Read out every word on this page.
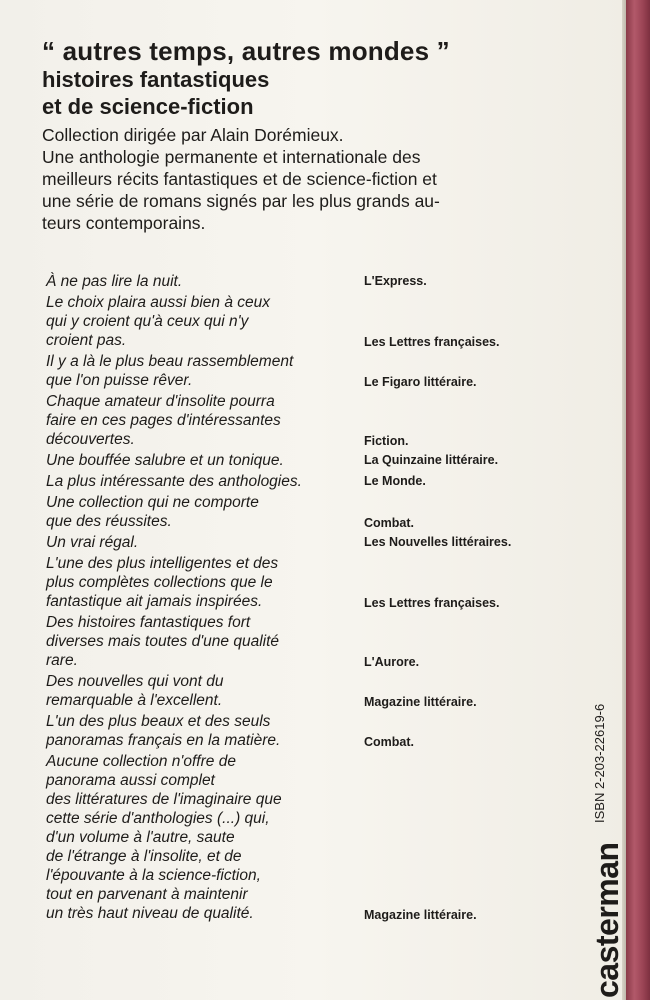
“ autres temps, autres mondes ”
histoires fantastiques
et de science-fiction

Collection dirigée par Alain Dorémieux.
Une anthologie permanente et internationale des
meilleurs récits fantastiques et de science-fiction et
une série de romans signés par les plus grands au-
teurs contemporains.

À ne pas lire la nuit.	L'Express.
Le choix plaira aussi bien à ceux
qui y croient qu'à ceux qui n'y
croient pas.	Les Lettres françaises.
Il y a là le plus beau rassemblement
que l'on puisse rêver.	Le Figaro littéraire.
Chaque amateur d'insolite pourra
faire en ces pages d'intéressantes
découvertes.	Fiction.
Une bouffée salubre et un tonique.	La Quinzaine littéraire.
La plus intéressante des anthologies.	Le Monde.
Une collection qui ne comporte
que des réussites.	Combat.
Un vrai régal.	Les Nouvelles littéraires.
L'une des plus intelligentes et des
plus complètes collections que le
fantastique ait jamais inspirées.	Les Lettres françaises.
Des histoires fantastiques fort
diverses mais toutes d'une qualité
rare.	L'Aurore.
Des nouvelles qui vont du
remarquable à l'excellent.	Magazine littéraire.
L'un des plus beaux et des seuls
panoramas français en la matière.	Combat.
Aucune collection n'offre de
panorama aussi complet
des littératures de l'imaginaire que
cette série d'anthologies (...) qui,
d'un volume à l'autre, saute
de l'étrange à l'insolite, et de
l'épouvante à la science-fiction,
tout en parvenant à maintenir
un très haut niveau de qualité.	Magazine littéraire.
ISBN 2-203-22619-6
casterman
